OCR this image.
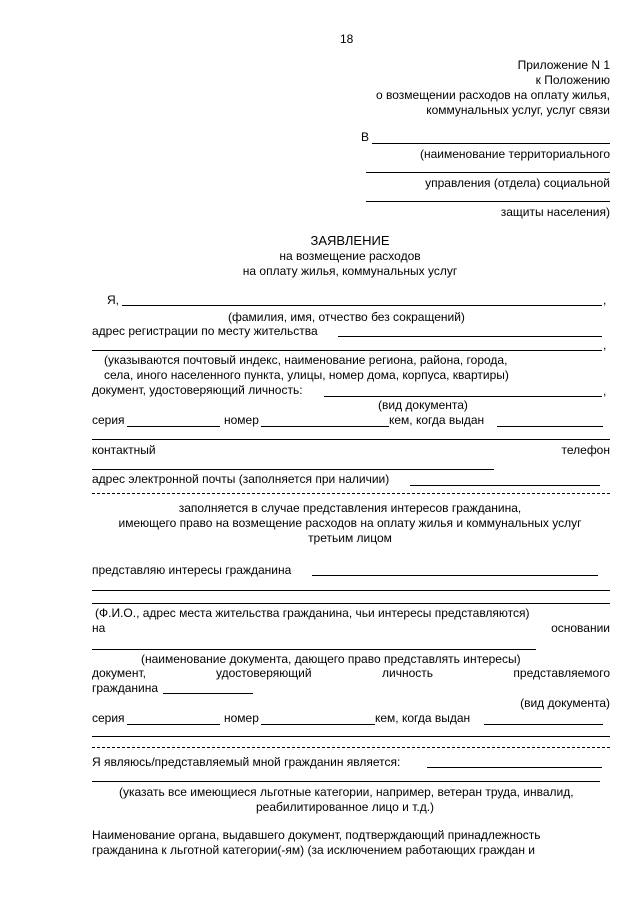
18
Приложение N 1
к Положению
о возмещении расходов на оплату жилья,
коммунальных услуг, услуг связи
В
(наименование территориального
управления (отдела) социальной
защиты населения)
ЗАЯВЛЕНИЕ
на возмещение расходов
на оплату жилья, коммунальных услуг
Я,	,
(фамилия, имя, отчество без сокращений)
адрес регистрации по месту жительства
,
(указываются почтовый индекс, наименование региона, района, города,
села, иного населенного пункта, улицы, номер дома, корпуса, квартиры)
документ, удостоверяющий личность:	,
(вид документа)
серия	номер	кем, когда выдан
контактный	телефон
адрес электронной почты (заполняется при наличии)
заполняется в случае представления интересов гражданина,
имеющего право на возмещение расходов на оплату жилья и коммунальных услуг
третьим лицом
представляю интересы гражданина
(Ф.И.О., адрес места жительства гражданина, чьи интересы представляются)
на	основании
(наименование документа, дающего право представлять интересы)
документ,	удостоверяющий	личность	представляемого
гражданина
(вид документа)
серия	номер	кем, когда выдан
Я являюсь/представляемый мной гражданин является:
(указать все имеющиеся льготные категории, например, ветеран труда, инвалид,
реабилитированное лицо и т.д.)
Наименование органа, выдавшего документ, подтверждающий принадлежность
гражданина к льготной категории(-ям) (за исключением работающих граждан и
